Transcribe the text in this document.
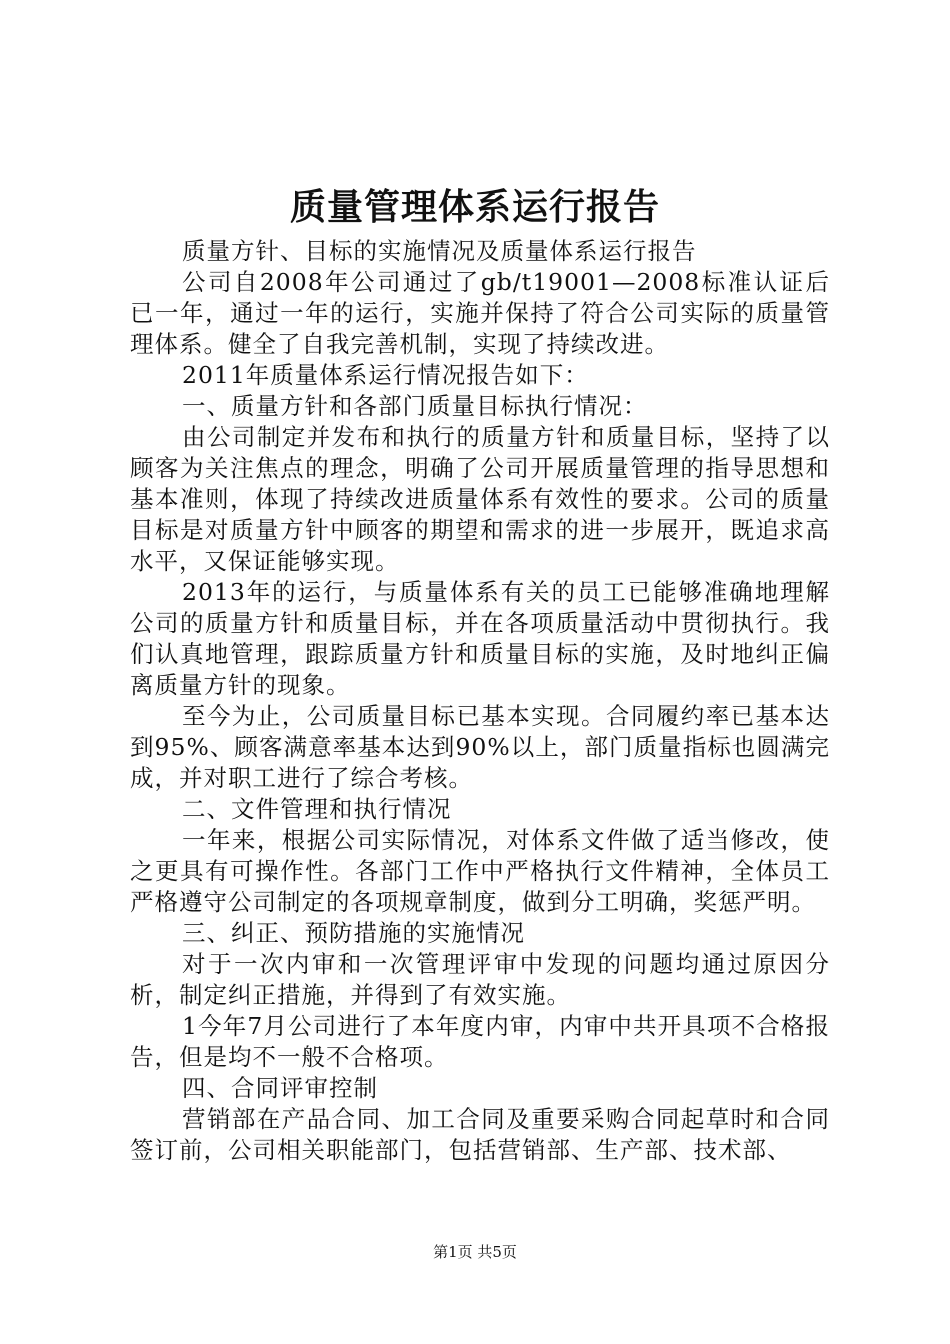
质量管理体系运行报告

质量方针、目标的实施情况及质量体系运行报告

公司自2008年公司通过了gb/t19001—2008标准认证后已一年，通过一年的运行，实施并保持了符合公司实际的质量管理体系。健全了自我完善机制，实现了持续改进。

2011年质量体系运行情况报告如下：

一、质量方针和各部门质量目标执行情况：

由公司制定并发布和执行的质量方针和质量目标，坚持了以顾客为关注焦点的理念，明确了公司开展质量管理的指导思想和基本准则，体现了持续改进质量体系有效性的要求。公司的质量目标是对质量方针中顾客的期望和需求的进一步展开，既追求高水平，又保证能够实现。

2013年的运行，与质量体系有关的员工已能够准确地理解公司的质量方针和质量目标，并在各项质量活动中贯彻执行。我们认真地管理，跟踪质量方针和质量目标的实施，及时地纠正偏离质量方针的现象。

至今为止，公司质量目标已基本实现。合同履约率已基本达到95%、顾客满意率基本达到90%以上，部门质量指标也圆满完成，并对职工进行了综合考核。

二、文件管理和执行情况

一年来，根据公司实际情况，对体系文件做了适当修改，使之更具有可操作性。各部门工作中严格执行文件精神，全体员工严格遵守公司制定的各项规章制度，做到分工明确，奖惩严明。

三、纠正、预防措施的实施情况

对于一次内审和一次管理评审中发现的问题均通过原因分析，制定纠正措施，并得到了有效实施。

1今年7月公司进行了本年度内审，内审中共开具项不合格报告，但是均不一般不合格项。

四、合同评审控制

营销部在产品合同、加工合同及重要采购合同起草时和合同签订前，公司相关职能部门，包括营销部、生产部、技术部、

第1页 共5页
